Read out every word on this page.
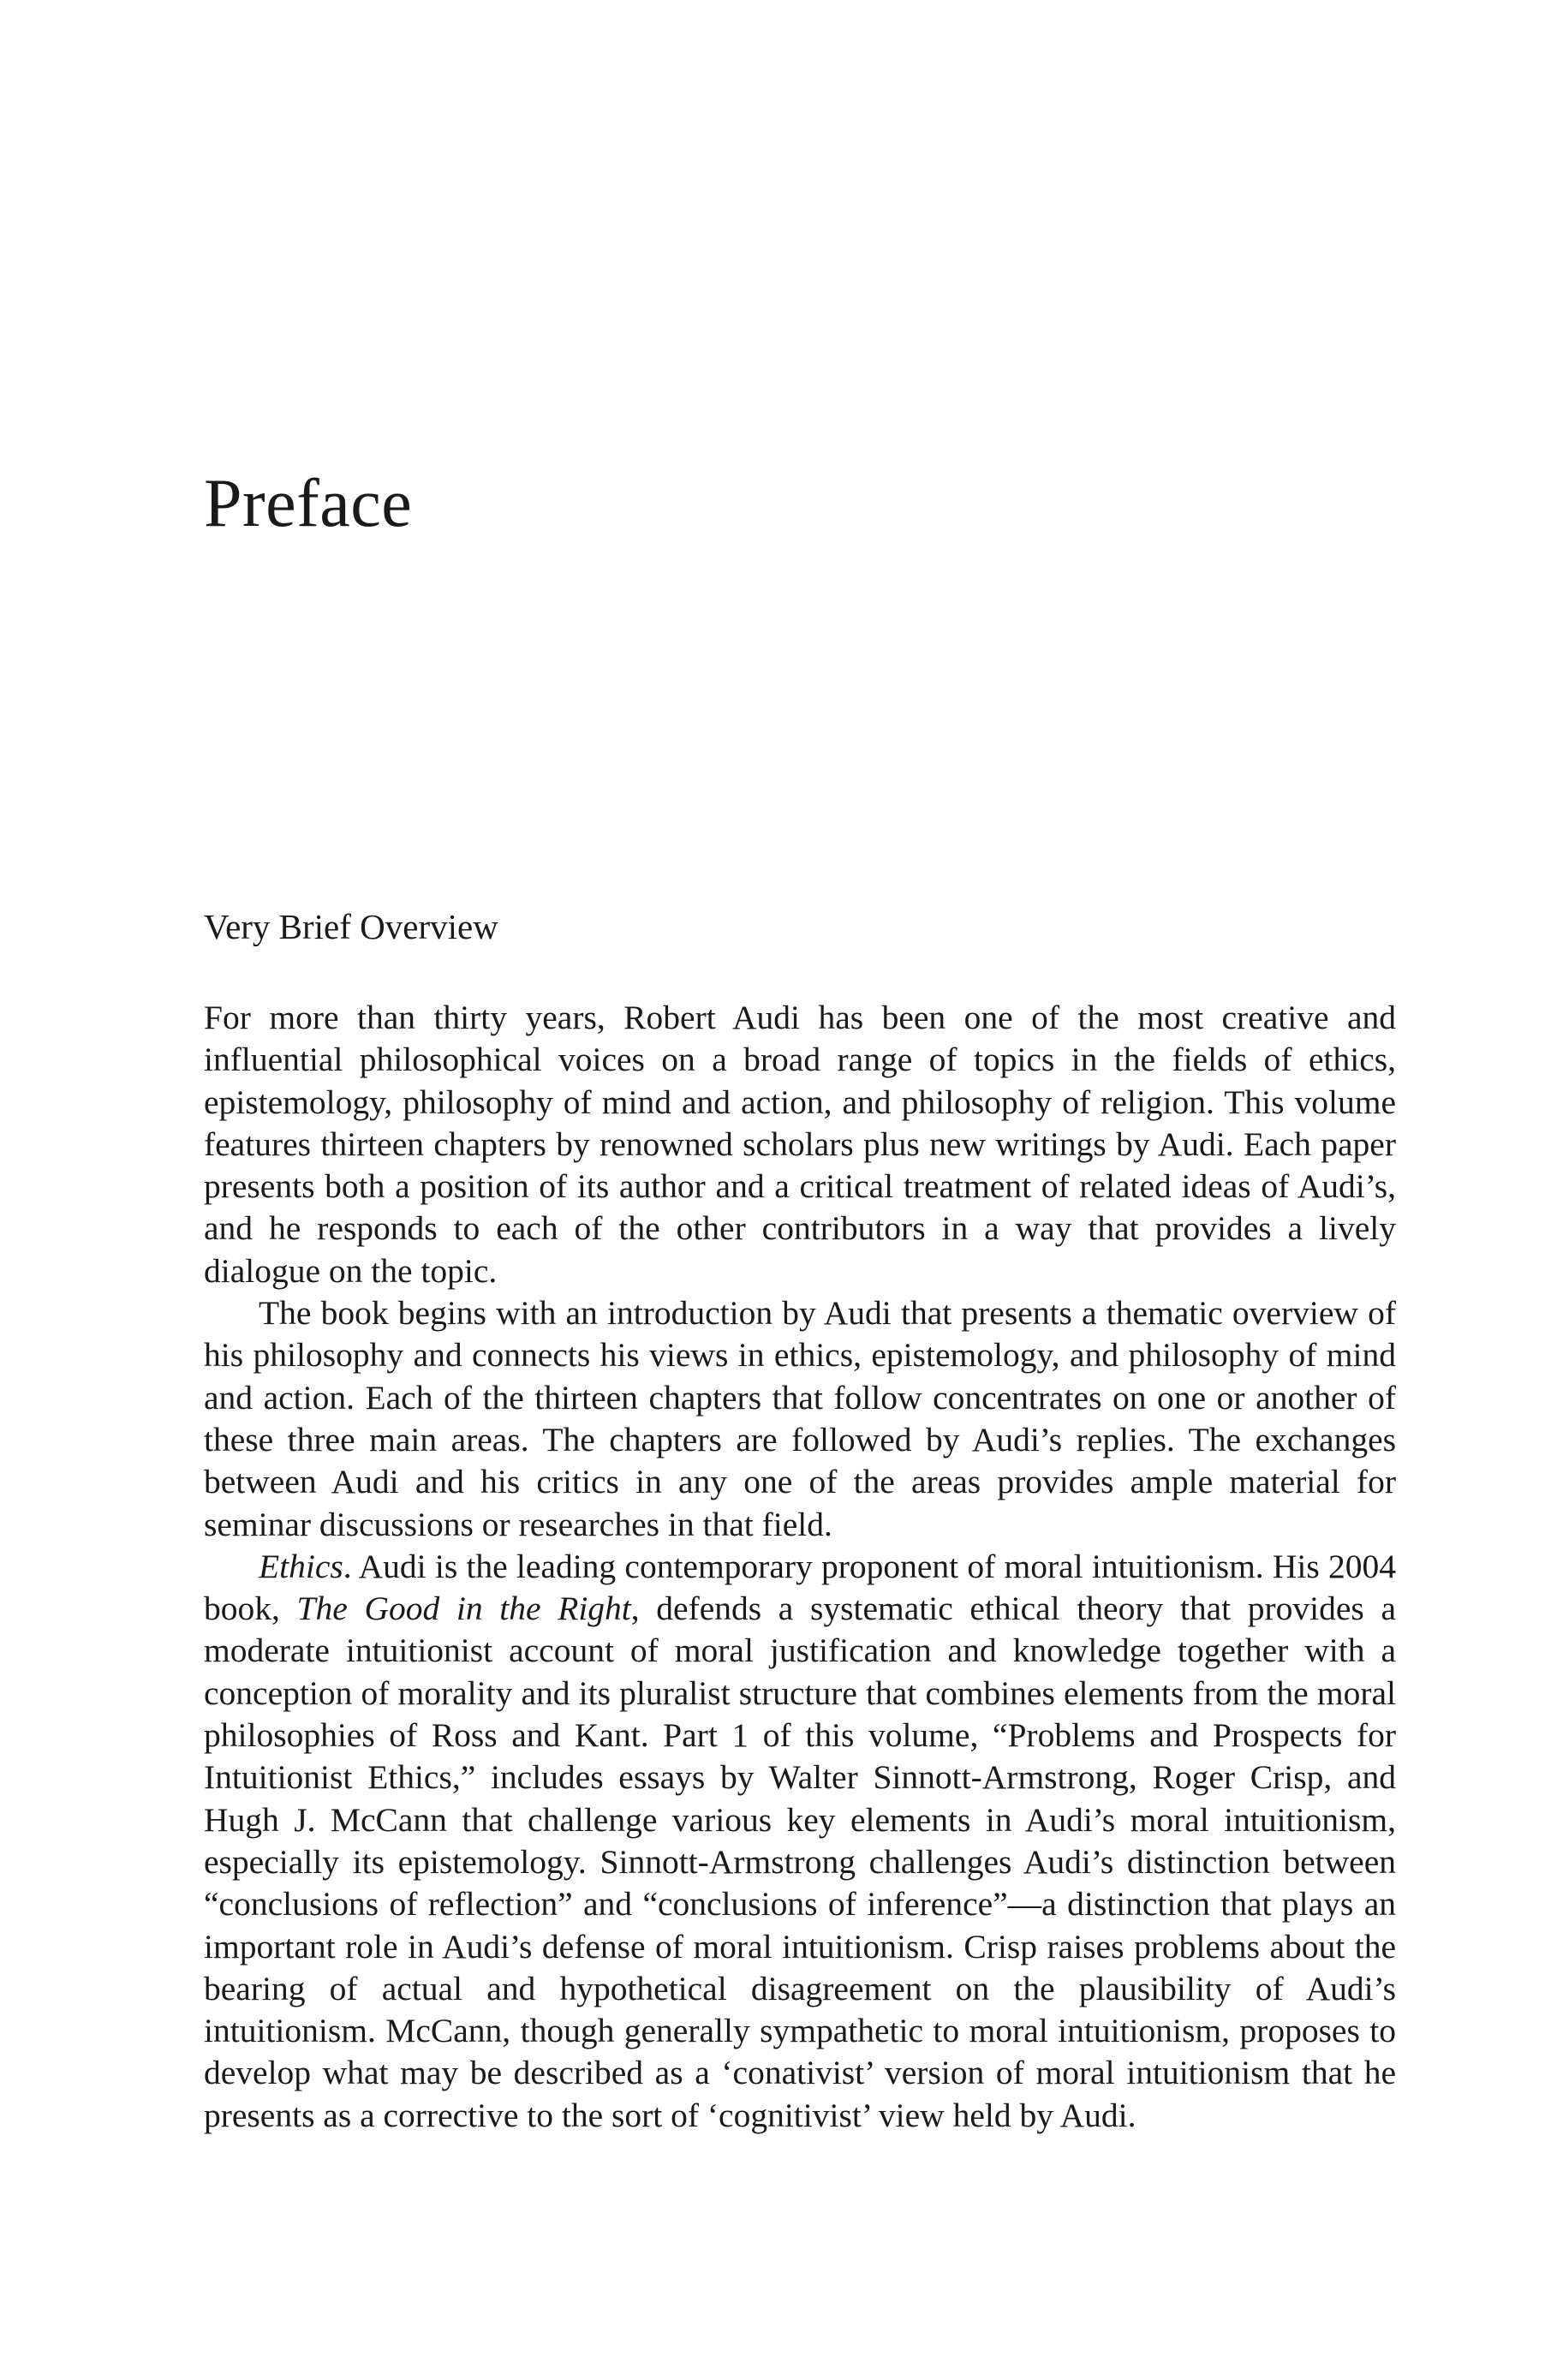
Preface
Very Brief Overview

For more than thirty years, Robert Audi has been one of the most creative and influential philosophical voices on a broad range of topics in the fields of ethics, epistemology, philosophy of mind and action, and philosophy of religion. This volume features thirteen chapters by renowned scholars plus new writings by Audi. Each paper presents both a position of its author and a critical treatment of related ideas of Audi’s, and he responds to each of the other contributors in a way that provides a lively dialogue on the topic.

The book begins with an introduction by Audi that presents a thematic overview of his philosophy and connects his views in ethics, epistemology, and philosophy of mind and action. Each of the thirteen chapters that follow concentrates on one or another of these three main areas. The chapters are followed by Audi’s replies. The exchanges between Audi and his critics in any one of the areas provides ample material for seminar discussions or researches in that field.

Ethics. Audi is the leading contemporary proponent of moral intuitionism. His 2004 book, The Good in the Right, defends a systematic ethical theory that provides a moderate intuitionist account of moral justification and knowledge together with a conception of morality and its pluralist structure that combines elements from the moral philosophies of Ross and Kant. Part 1 of this volume, “Problems and Prospects for Intuitionist Ethics,” includes essays by Walter Sinnott-Armstrong, Roger Crisp, and Hugh J. McCann that challenge various key elements in Audi’s moral intuitionism, especially its epistemology. Sinnott-Armstrong challenges Audi’s distinction between “conclusions of reflection” and “conclusions of inference”—a distinction that plays an important role in Audi’s defense of moral intuitionism. Crisp raises problems about the bearing of actual and hypothetical disagreement on the plausibility of Audi’s intuitionism. McCann, though generally sympathetic to moral intuitionism, proposes to develop what may be described as a ‘conativist’ version of moral intuitionism that he presents as a corrective to the sort of ‘cognitivist’ view held by Audi.
